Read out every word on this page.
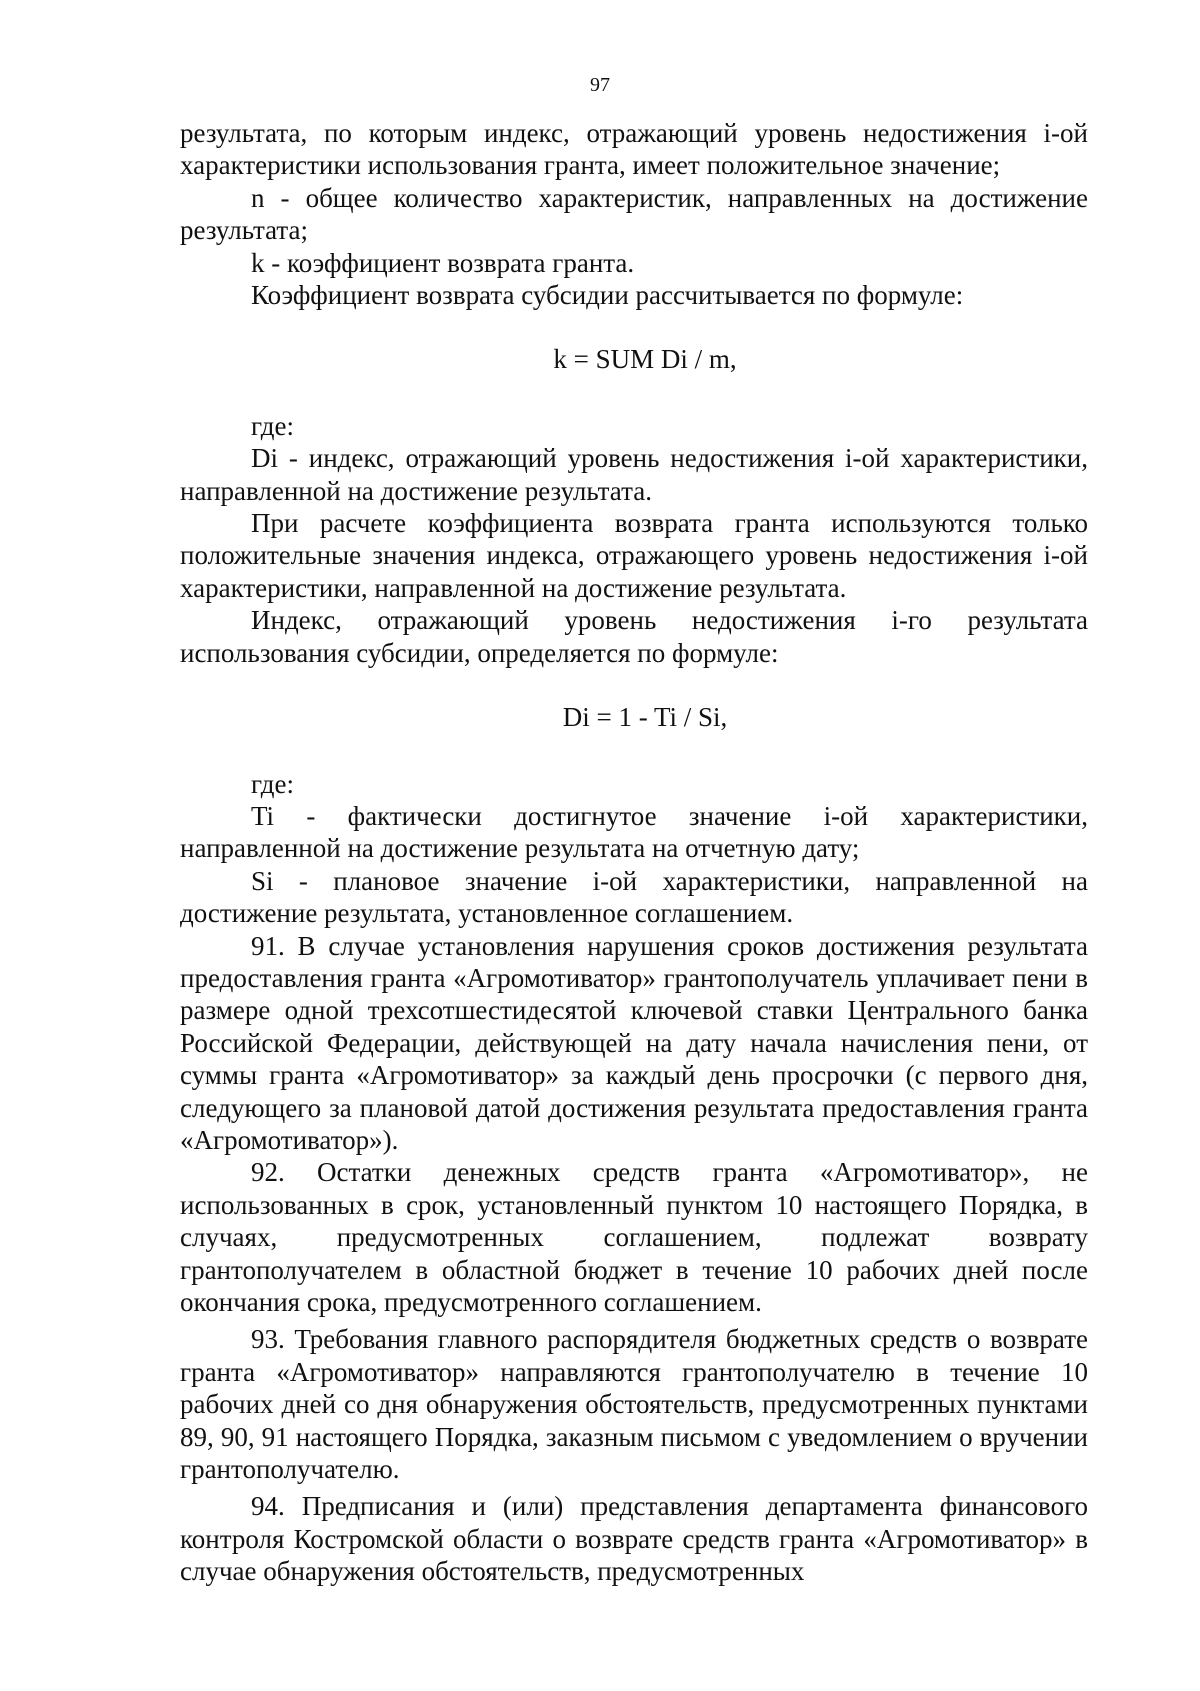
97

результата, по которым индекс, отражающий уровень недостижения i-ой характеристики использования гранта, имеет положительное значение;

n - общее количество характеристик, направленных на достижение результата;

k - коэффициент возврата гранта.

Коэффициент возврата субсидии рассчитывается по формуле:

k = SUM Di / m,

где:

Di - индекс, отражающий уровень недостижения i-ой характеристики, направленной на достижение результата.

При расчете коэффициента возврата гранта используются только положительные значения индекса, отражающего уровень недостижения i-ой характеристики, направленной на достижение результата.

Индекс, отражающий уровень недостижения i-го результата использования субсидии, определяется по формуле:

Di = 1 - Ti / Si,

где:

Ti - фактически достигнутое значение i-ой характеристики, направленной на достижение результата на отчетную дату;

Si - плановое значение i-ой характеристики, направленной на достижение результата, установленное соглашением.

91. В случае установления нарушения сроков достижения результата предоставления гранта «Агромотиватор» грантополучатель уплачивает пени в размере одной трехсотшестидесятой ключевой ставки Центрального банка Российской Федерации, действующей на дату начала начисления пени, от суммы гранта «Агромотиватор» за каждый день просрочки (с первого дня, следующего за плановой датой достижения результата предоставления гранта «Агромотиватор»).

92. Остатки денежных средств гранта «Агромотиватор», не использованных в срок, установленный пунктом 10 настоящего Порядка, в случаях, предусмотренных соглашением, подлежат возврату грантополучателем в областной бюджет в течение 10 рабочих дней после окончания срока, предусмотренного соглашением.

93. Требования главного распорядителя бюджетных средств о возврате гранта «Агромотиватор» направляются грантополучателю в течение 10 рабочих дней со дня обнаружения обстоятельств, предусмотренных пунктами 89, 90, 91 настоящего Порядка, заказным письмом с уведомлением о вручении грантополучателю.

94. Предписания и (или) представления департамента финансового контроля Костромской области о возврате средств гранта «Агромотиватор» в случае обнаружения обстоятельств, предусмотренных
